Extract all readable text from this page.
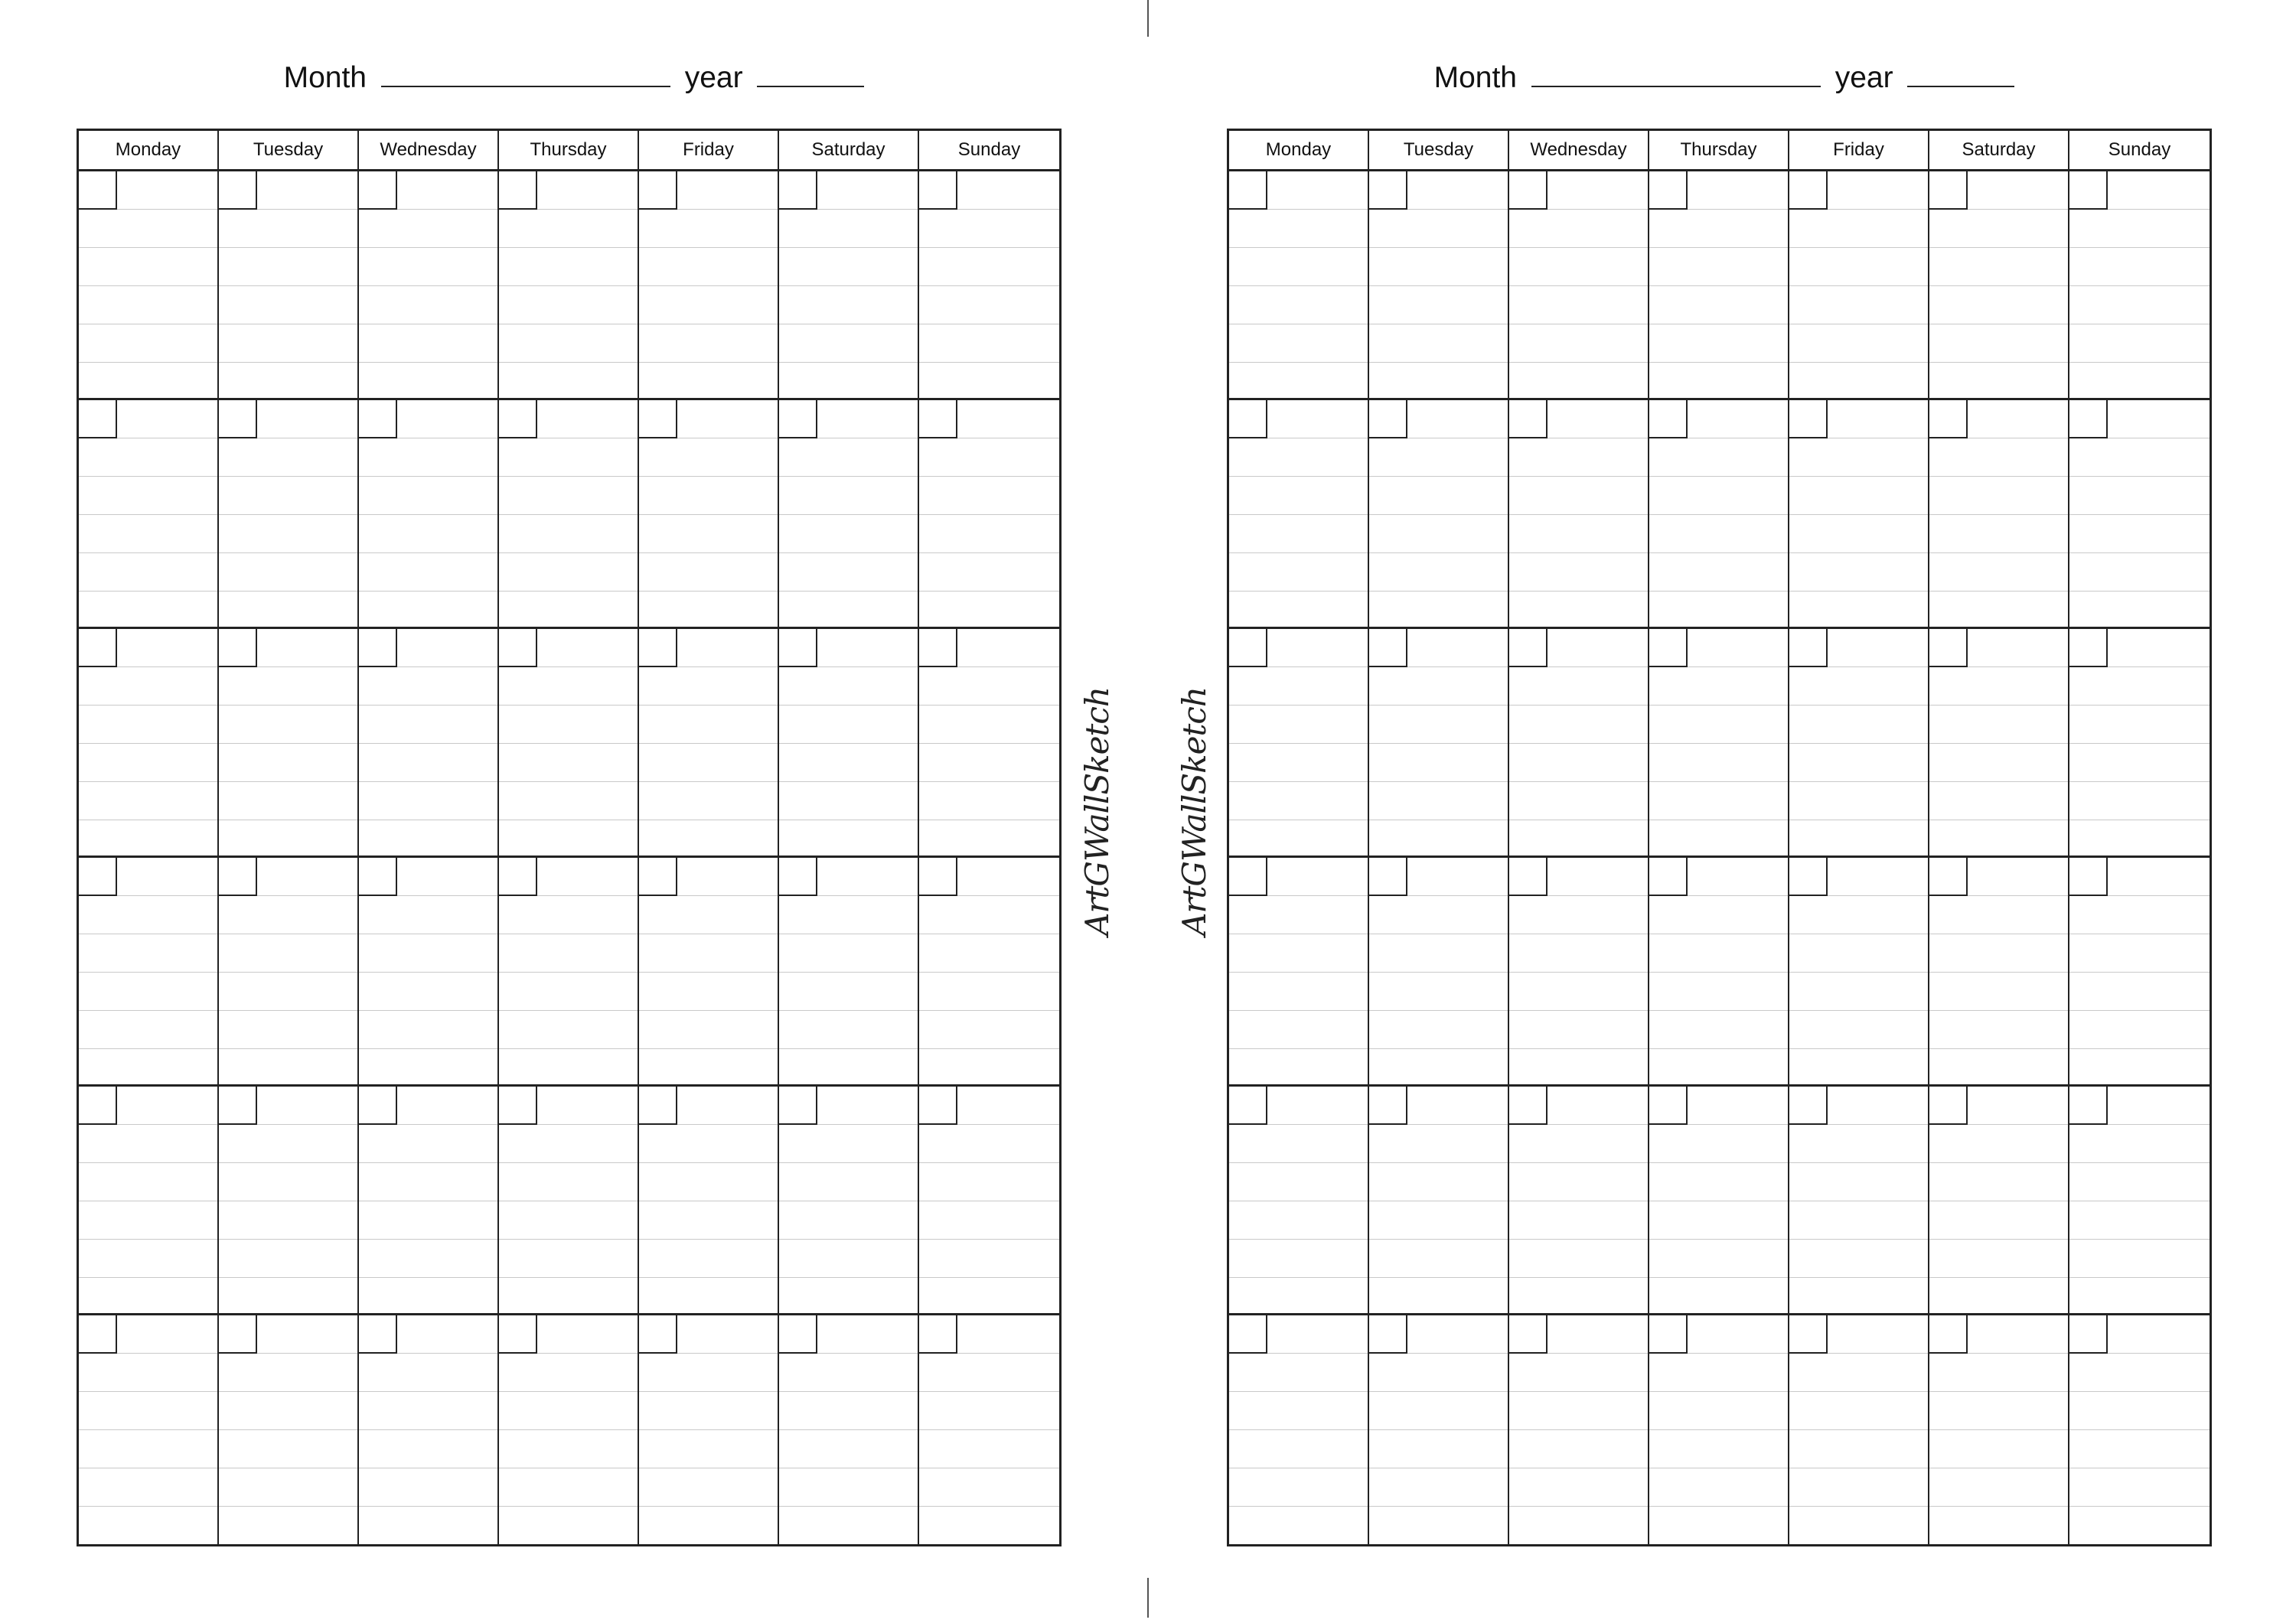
Month	year
Monday	Tuesday	Wednesday	Thursday	Friday	Saturday	Sunday
ArtGWallSketch ArtGWallSketch
Month	year
Monday	Tuesday	Wednesday	Thursday	Friday	Saturday	Sunday
